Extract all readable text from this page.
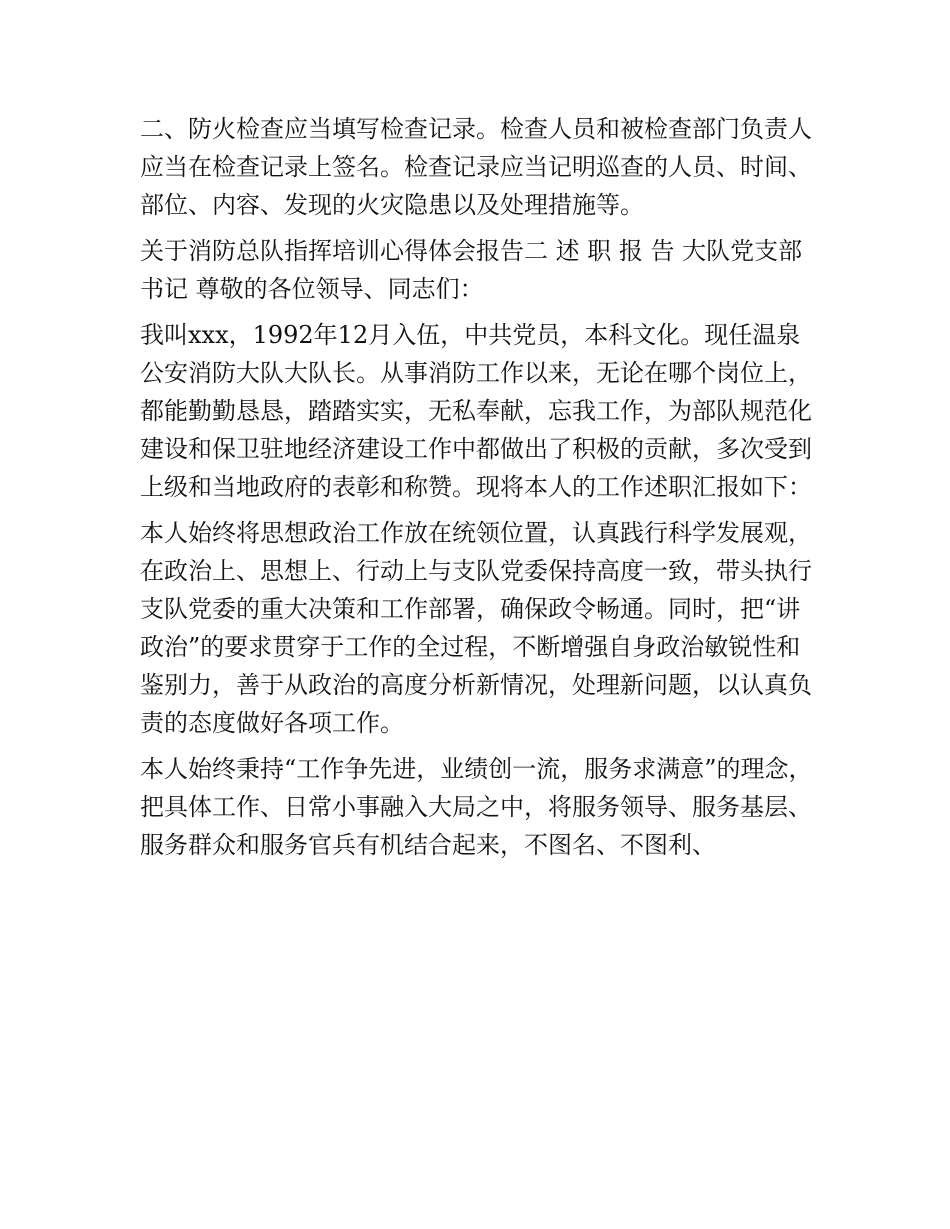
二、防火检查应当填写检查记录。检查人员和被检查部门负责人应当在检查记录上签名。检查记录应当记明巡查的人员、时间、部位、内容、发现的火灾隐患以及处理措施等。

关于消防总队指挥培训心得体会报告二 述 职 报 告 大队党支部书记 尊敬的各位领导、同志们：

我叫xxx，1992年12月入伍，中共党员，本科文化。现任温泉公安消防大队大队长。从事消防工作以来，无论在哪个岗位上，都能勤勤恳恳，踏踏实实，无私奉献，忘我工作，为部队规范化建设和保卫驻地经济建设工作中都做出了积极的贡献，多次受到上级和当地政府的表彰和称赞。现将本人的工作述职汇报如下：

本人始终将思想政治工作放在统领位置，认真践行科学发展观，在政治上、思想上、行动上与支队党委保持高度一致，带头执行支队党委的重大决策和工作部署，确保政令畅通。同时，把“讲政治”的要求贯穿于工作的全过程，不断增强自身政治敏锐性和鉴别力，善于从政治的高度分析新情况，处理新问题，以认真负责的态度做好各项工作。

本人始终秉持“工作争先进，业绩创一流，服务求满意”的理念，把具体工作、日常小事融入大局之中，将服务领导、服务基层、服务群众和服务官兵有机结合起来，不图名、不图利、
